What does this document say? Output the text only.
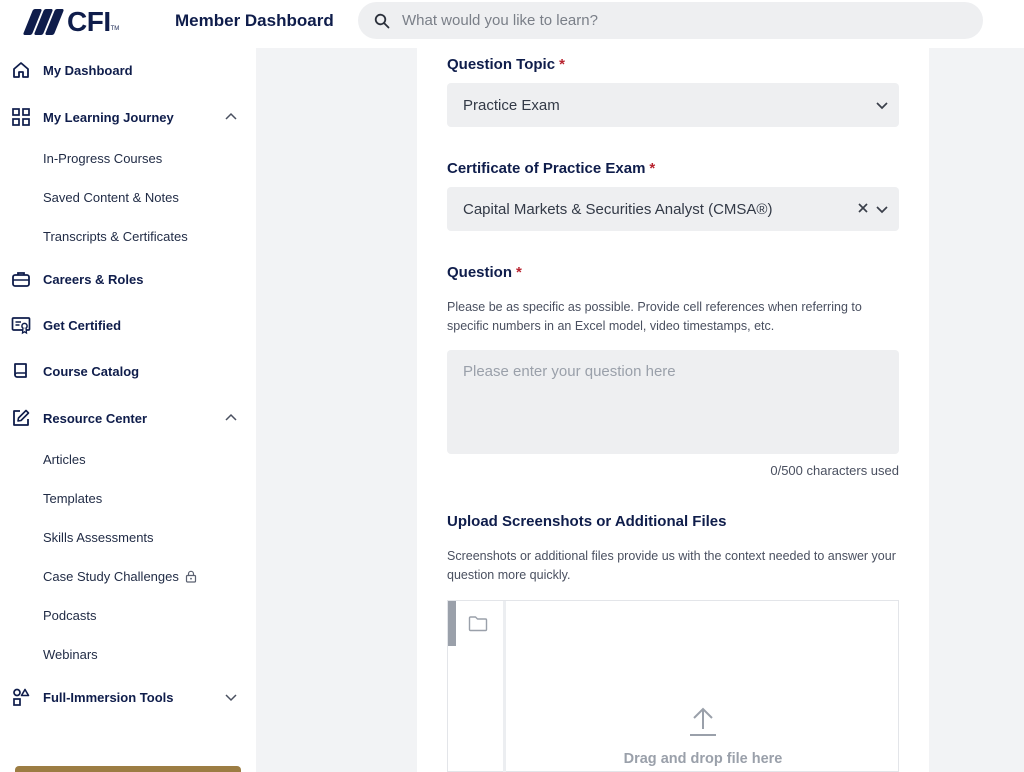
CFI TM	Member Dashboard
What would you like to learn?
My Dashboard
My Learning Journey
In-Progress Courses
Saved Content & Notes
Transcripts & Certificates
Careers & Roles
Get Certified
Course Catalog
Resource Center
Articles
Templates
Skills Assessments
Case Study Challenges
Podcasts
Webinars
Full-Immersion Tools
Question Topic *
Practice Exam
Certificate of Practice Exam *
Capital Markets & Securities Analyst (CMSA®)
Question *
Please be as specific as possible. Provide cell references when referring to specific numbers in an Excel model, video timestamps, etc.
Please enter your question here
0/500 characters used
Upload Screenshots or Additional Files
Screenshots or additional files provide us with the context needed to answer your question more quickly.
Drag and drop file here
